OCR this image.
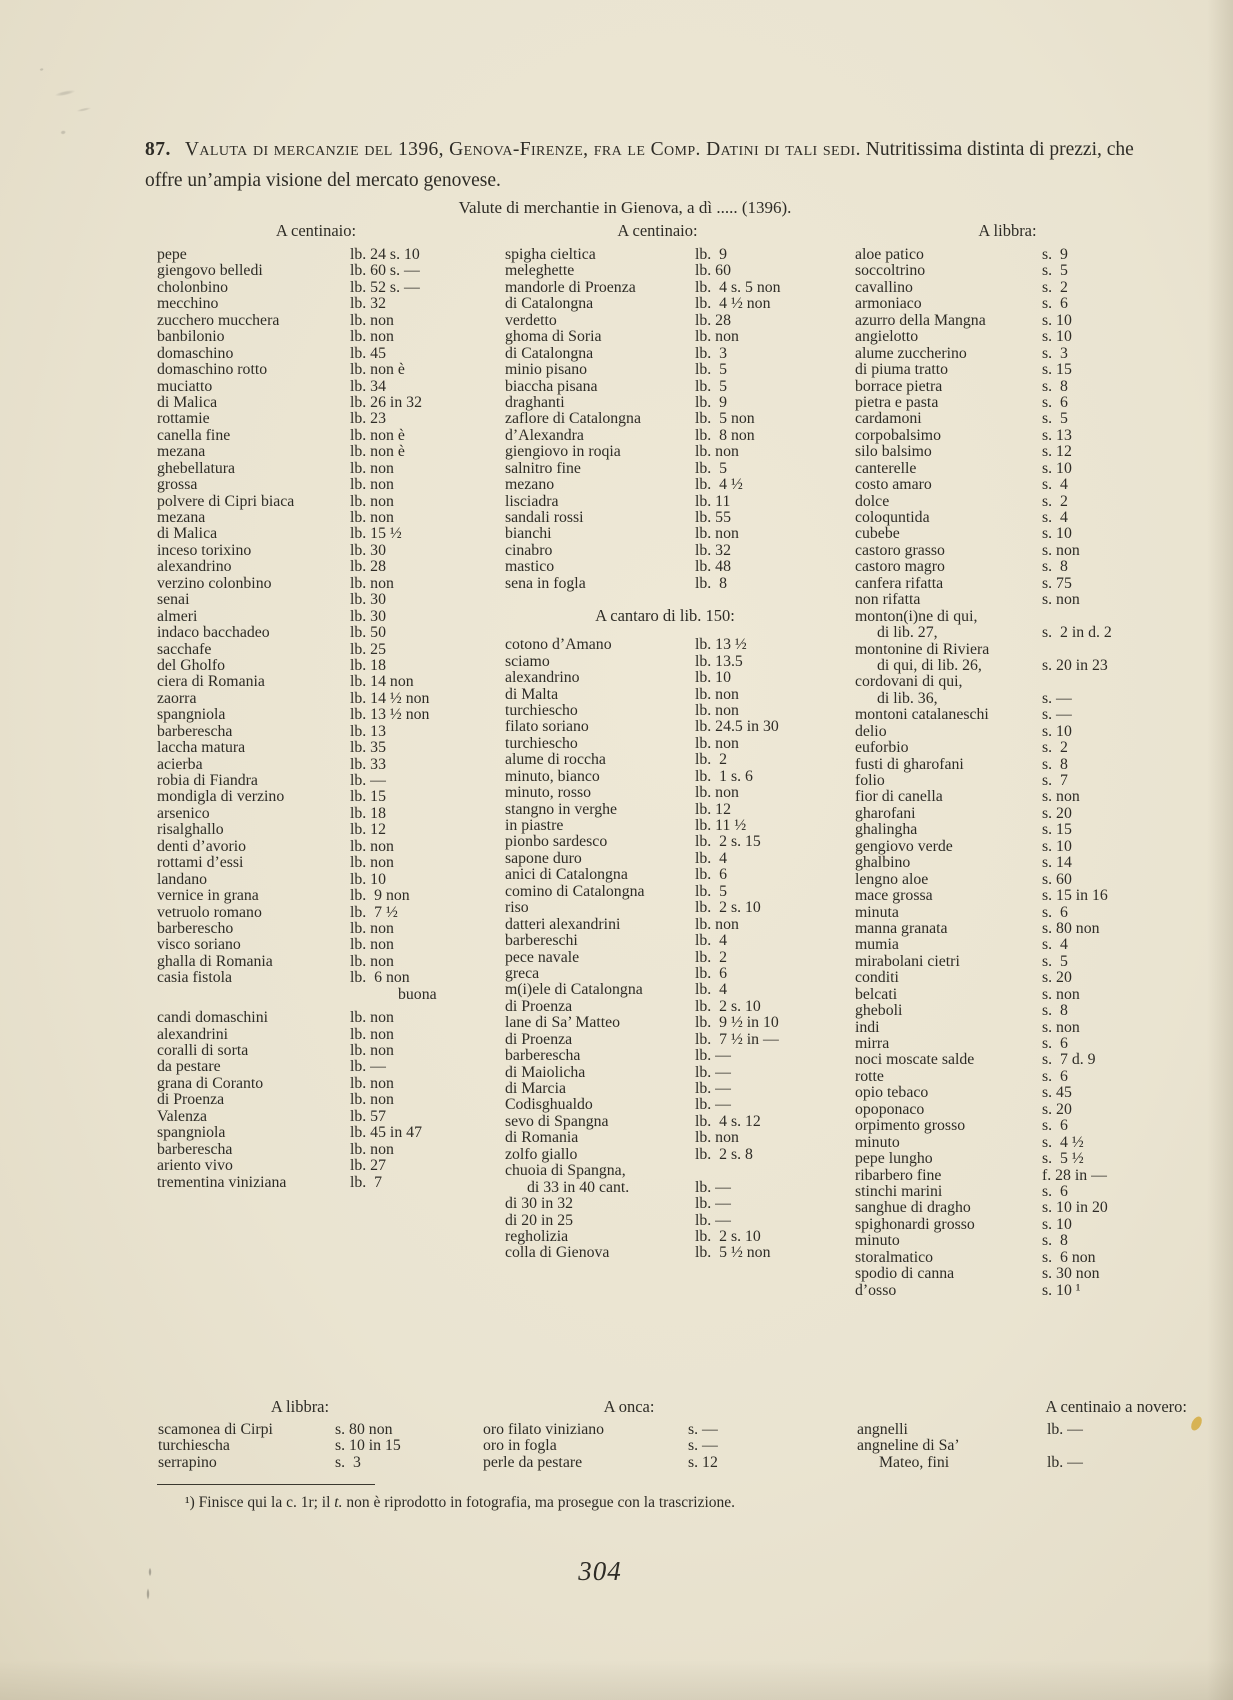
87. Valuta di mercanzie del 1396, Genova-Firenze, fra le Comp. Datini di tali sedi. Nutritissima distinta di prezzi, che offre un’ampia visione del mercato genovese.
Valute di merchantie in Gienova, a dì ..... (1396).
A centinaio:
pepe	lb. 24 s. 10
giengovo belledi	lb. 60 s. —
cholonbino	lb. 52 s. —
mecchino	lb. 32
zucchero mucchera	lb. non
banbilonio	lb. non
domaschino	lb. 45
domaschino rotto	lb. non è
muciatto	lb. 34
di Malica	lb. 26 in 32
rottamie	lb. 23
canella fine	lb. non è
mezana	lb. non è
ghebellatura	lb. non
grossa	lb. non
polvere di Cipri biaca	lb. non
mezana	lb. non
di Malica	lb. 15 ½
inceso torixino	lb. 30
alexandrino	lb. 28
verzino colonbino	lb. non
senai	lb. 30
almeri	lb. 30
indaco bacchadeo	lb. 50
sacchafe	lb. 25
del Gholfo	lb. 18
ciera di Romania	lb. 14 non
zaorra	lb. 14 ½ non
spangniola	lb. 13 ½ non
barberescha	lb. 13
laccha matura	lb. 35
acierba	lb. 33
robia di Fiandra	lb. —
mondigla di verzino	lb. 15
arsenico	lb. 18
risalghallo	lb. 12
denti d’avorio	lb. non
rottami d’essi	lb. non
landano	lb. 10
vernice in grana	lb.  9 non
vetruolo romano	lb.  7 ½
barberescho	lb. non
visco soriano	lb. non
ghalla di Romania	lb. non
casia fistola	lb.  6 non
buona
candi domaschini	lb. non
alexandrini	lb. non
coralli di sorta	lb. non
da pestare	lb. —
grana di Coranto	lb. non
di Proenza	lb. non
Valenza	lb. 57
spangniola	lb. 45 in 47
barberescha	lb. non
ariento vivo	lb. 27
trementina viniziana	lb.  7
A centinaio:
spigha cieltica	lb.  9
meleghette	lb. 60
mandorle di Proenza	lb.  4 s. 5 non
di Catalongna	lb.  4 ½ non
verdetto	lb. 28
ghoma di Soria	lb. non
di Catalongna	lb.  3
minio pisano	lb.  5
biaccha pisana	lb.  5
draghanti	lb.  9
zaflore di Catalongna	lb.  5 non
d’Alexandra	lb.  8 non
giengiovo in roqia	lb. non
salnitro fine	lb.  5
mezano	lb.  4 ½
lisciadra	lb. 11
sandali rossi	lb. 55
bianchi	lb. non
cinabro	lb. 32
mastico	lb. 48
sena in fogla	lb.  8
A cantaro di lib. 150:
cotono d’Amano	lb. 13 ½
sciamo	lb. 13.5
alexandrino	lb. 10
di Malta	lb. non
turchiescho	lb. non
filato soriano	lb. 24.5 in 30
turchiescho	lb. non
alume di roccha	lb.  2
minuto, bianco	lb.  1 s. 6
minuto, rosso	lb. non
stangno in verghe	lb. 12
in piastre	lb. 11 ½
pionbo sardesco	lb.  2 s. 15
sapone duro	lb.  4
anici di Catalongna	lb.  6
comino di Catalongna	lb.  5
riso	lb.  2 s. 10
datteri alexandrini	lb. non
barbereschi	lb.  4
pece navale	lb.  2
greca	lb.  6
m(i)ele di Catalongna	lb.  4
di Proenza	lb.  2 s. 10
lane di Sa’ Matteo	lb.  9 ½ in 10
di Proenza	lb.  7 ½ in —
barberescha	lb. —
di Maiolicha	lb. —
di Marcia	lb. —
Codisghualdo	lb. —
sevo di Spangna	lb.  4 s. 12
di Romania	lb. non
zolfo giallo	lb.  2 s. 8
chuoia di Spangna,
di 33 in 40 cant.	lb. —
di 30 in 32	lb. —
di 20 in 25	lb. —
regholizia	lb.  2 s. 10
colla di Gienova	lb.  5 ½ non
A libbra:
aloe patico	s.  9
soccoltrino	s.  5
cavallino	s.  2
armoniaco	s.  6
azurro della Mangna	s. 10
angielotto	s. 10
alume zuccherino	s.  3
di piuma tratto	s. 15
borrace pietra	s.  8
pietra e pasta	s.  6
cardamoni	s.  5
corpobalsimo	s. 13
silo balsimo	s. 12
canterelle	s. 10
costo amaro	s.  4
dolce	s.  2
coloquntida	s.  4
cubebe	s. 10
castoro grasso	s. non
castoro magro	s.  8
canfera rifatta	s. 75
non rifatta	s. non
monton(i)ne di qui,
di lib. 27,	s.  2 in d. 2
montonine di Riviera
di qui, di lib. 26,	s. 20 in 23
cordovani di qui,
di lib. 36,	s. —
montoni catalaneschi	s. —
delio	s. 10
euforbio	s.  2
fusti di gharofani	s.  8
folio	s.  7
fior di canella	s. non
gharofani	s. 20
ghalingha	s. 15
gengiovo verde	s. 10
ghalbino	s. 14
lengno aloe	s. 60
mace grossa	s. 15 in 16
minuta	s.  6
manna granata	s. 80 non
mumia	s.  4
mirabolani cietri	s.  5
conditi	s. 20
belcati	s. non
gheboli	s.  8
indi	s. non
mirra	s.  6
noci moscate salde	s.  7 d. 9
rotte	s.  6
opio tebaco	s. 45
opoponaco	s. 20
orpimento grosso	s.  6
minuto	s.  4 ½
pepe lungho	s.  5 ½
ribarbero fine	f. 28 in —
stinchi marini	s.  6
sanghue di dragho	s. 10 in 20
spighonardi grosso	s. 10
minuto	s.  8
storalmatico	s.  6 non
spodio di canna	s. 30 non
d’osso	s. 10 ¹
A libbra:
scamonea di Cirpi	s. 80 non
turchiescha	s. 10 in 15
serrapino	s.  3
A onca:
oro filato viniziano	s. —
oro in fogla	s. —
perle da pestare	s. 12
A centinaio a novero:
angnelli	lb. —
angneline di Sa’
Mateo, fini	lb. —
¹) Finisce qui la c. 1r; il t. non è riprodotto in fotografia, ma prosegue con la trascrizione.
304
